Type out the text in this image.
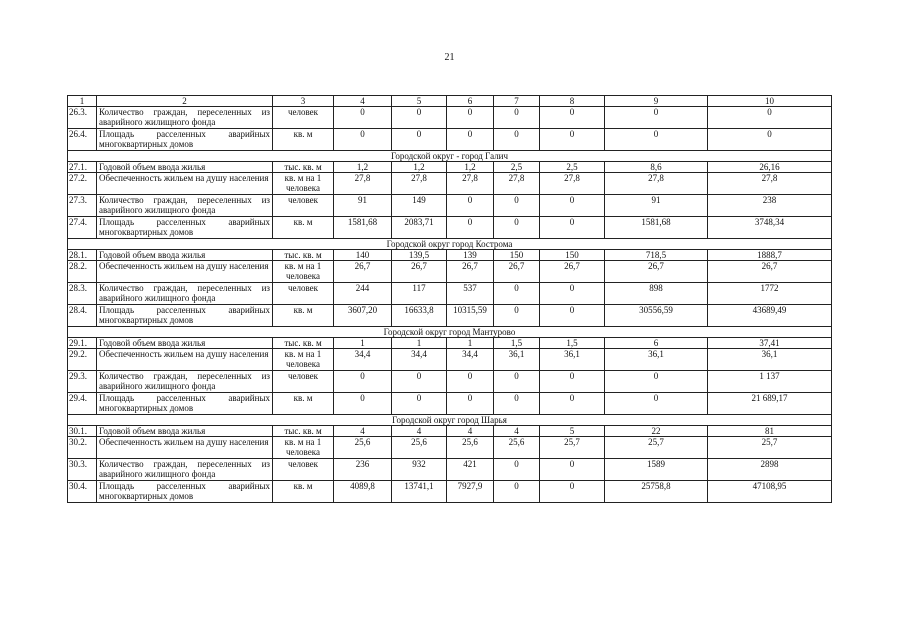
21
1	2	3	4	5	6	7	8	9	10
26.3.	Количество граждан, переселенных из аварийного жилищного фонда	человек	0	0	0	0	0	0	0
26.4.	Площадь расселенных аварийных многоквартирных домов	кв. м	0	0	0	0	0	0	0
Городской округ - город Галич									
27.1.	Годовой объем ввода жилья	тыс. кв. м	1,2	1,2	1,2	2,5	2,5	8,6	26,16
27.2.	Обеспеченность жильем на душу населения	кв. м на 1 человека	27,8	27,8	27,8	27,8	27,8	27,8	27,8
27.3.	Количество граждан, переселенных из аварийного жилищного фонда	человек	91	149	0	0	0	91	238
27.4.	Площадь расселенных аварийных многоквартирных домов	кв. м	1581,68	2083,71	0	0	0	1581,68	3748,34
Городской округ город Кострома									
28.1.	Годовой объем ввода жилья	тыс. кв. м	140	139,5	139	150	150	718,5	1888,7
28.2.	Обеспеченность жильем на душу населения	кв. м на 1 человека	26,7	26,7	26,7	26,7	26,7	26,7	26,7
28.3.	Количество граждан, переселенных из аварийного жилищного фонда	человек	244	117	537	0	0	898	1772
28.4.	Площадь расселенных аварийных многоквартирных домов	кв. м	3607,20	16633,8	10315,59	0	0	30556,59	43689,49
Городской округ город Мантурово									
29.1.	Годовой объем ввода жилья	тыс. кв. м	1	1	1	1,5	1,5	6	37,41
29.2.	Обеспеченность жильем на душу населения	кв. м на 1 человека	34,4	34,4	34,4	36,1	36,1	36,1	36,1
29.3.	Количество граждан, переселенных из аварийного жилищного фонда	человек	0	0	0	0	0	0	1 137
29.4.	Площадь расселенных аварийных многоквартирных домов	кв. м	0	0	0	0	0	0	21 689,17
Городской округ город Шарья									
30.1.	Годовой объем ввода жилья	тыс. кв. м	4	4	4	4	5	22	81
30.2.	Обеспеченность жильем на душу населения	кв. м на 1 человека	25,6	25,6	25,6	25,6	25,7	25,7	25,7
30.3.	Количество граждан, переселенных из аварийного жилищного фонда	человек	236	932	421	0	0	1589	2898
30.4.	Площадь расселенных аварийных многоквартирных домов	кв. м	4089,8	13741,1	7927,9	0	0	25758,8	47108,95
